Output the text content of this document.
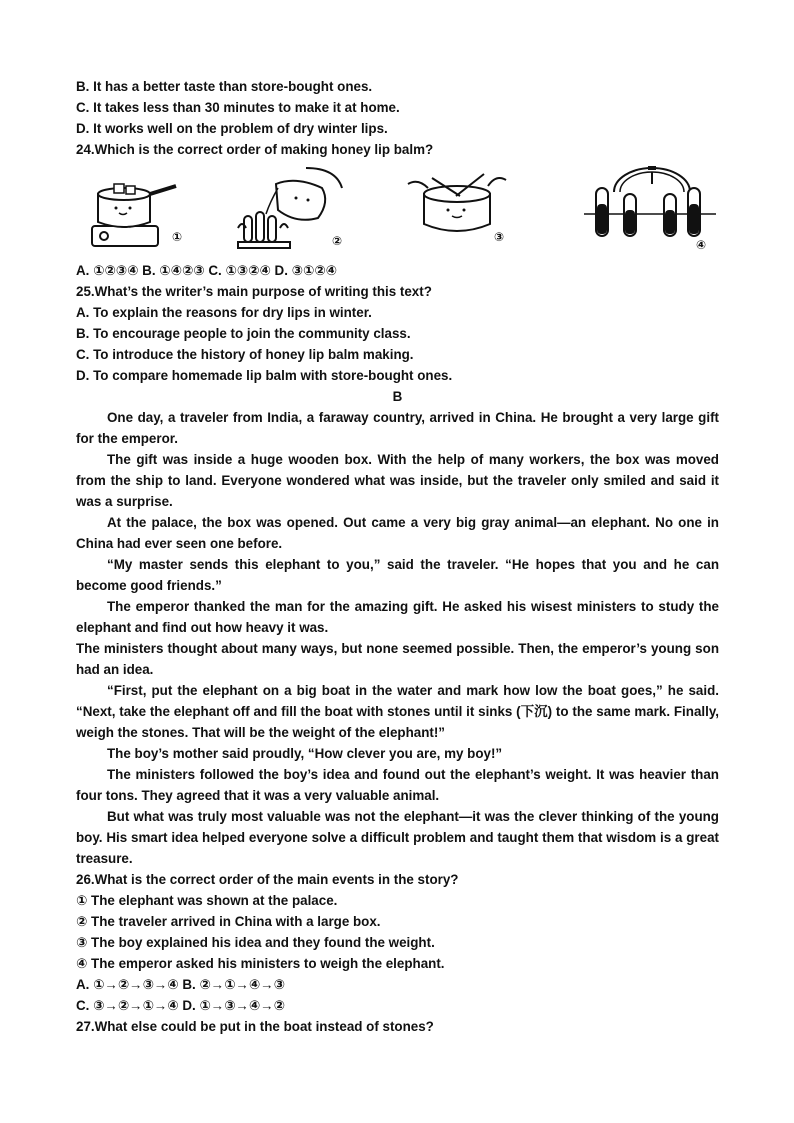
B. It has a better taste than store-bought ones.
C. It takes less than 30 minutes to make it at home.
D. It works well on the problem of dry winter lips.
24.Which is the correct order of making honey lip balm?
①	②	③
④
A. ①②③④ B. ①④②③ C. ①③②④ D. ③①②④
25.What’s the writer’s main purpose of writing this text?
A. To explain the reasons for dry lips in winter.
B. To encourage people to join the community class.
C. To introduce the history of honey lip balm making.
D. To compare homemade lip balm with store-bought ones.
B
One day, a traveler from India, a faraway country, arrived in China. He brought a very large gift for the emperor.
The gift was inside a huge wooden box. With the help of many workers, the box was moved from the ship to land. Everyone wondered what was inside, but the traveler only smiled and said it was a surprise.
At the palace, the box was opened. Out came a very big gray animal—an elephant. No one in China had ever seen one before.
“My master sends this elephant to you,” said the traveler. “He hopes that you and he can become good friends.”
The emperor thanked the man for the amazing gift. He asked his wisest ministers to study the elephant and find out how heavy it was.
The ministers thought about many ways, but none seemed possible. Then, the emperor’s young son had an idea.
“First, put the elephant on a big boat in the water and mark how low the boat goes,” he said. “Next, take the elephant off and fill the boat with stones until it sinks (下沉) to the same mark. Finally, weigh the stones. That will be the weight of the elephant!”
The boy’s mother said proudly, “How clever you are, my boy!”
The ministers followed the boy’s idea and found out the elephant’s weight. It was heavier than four tons. They agreed that it was a very valuable animal.
But what was truly most valuable was not the elephant—it was the clever thinking of the young boy. His smart idea helped everyone solve a difficult problem and taught them that wisdom is a great treasure.
26.What is the correct order of the main events in the story?
① The elephant was shown at the palace.
② The traveler arrived in China with a large box.
③ The boy explained his idea and they found the weight.
④ The emperor asked his ministers to weigh the elephant.
A. ①→②→③→④ B. ②→①→④→③
C. ③→②→①→④ D. ①→③→④→②
27.What else could be put in the boat instead of stones?
